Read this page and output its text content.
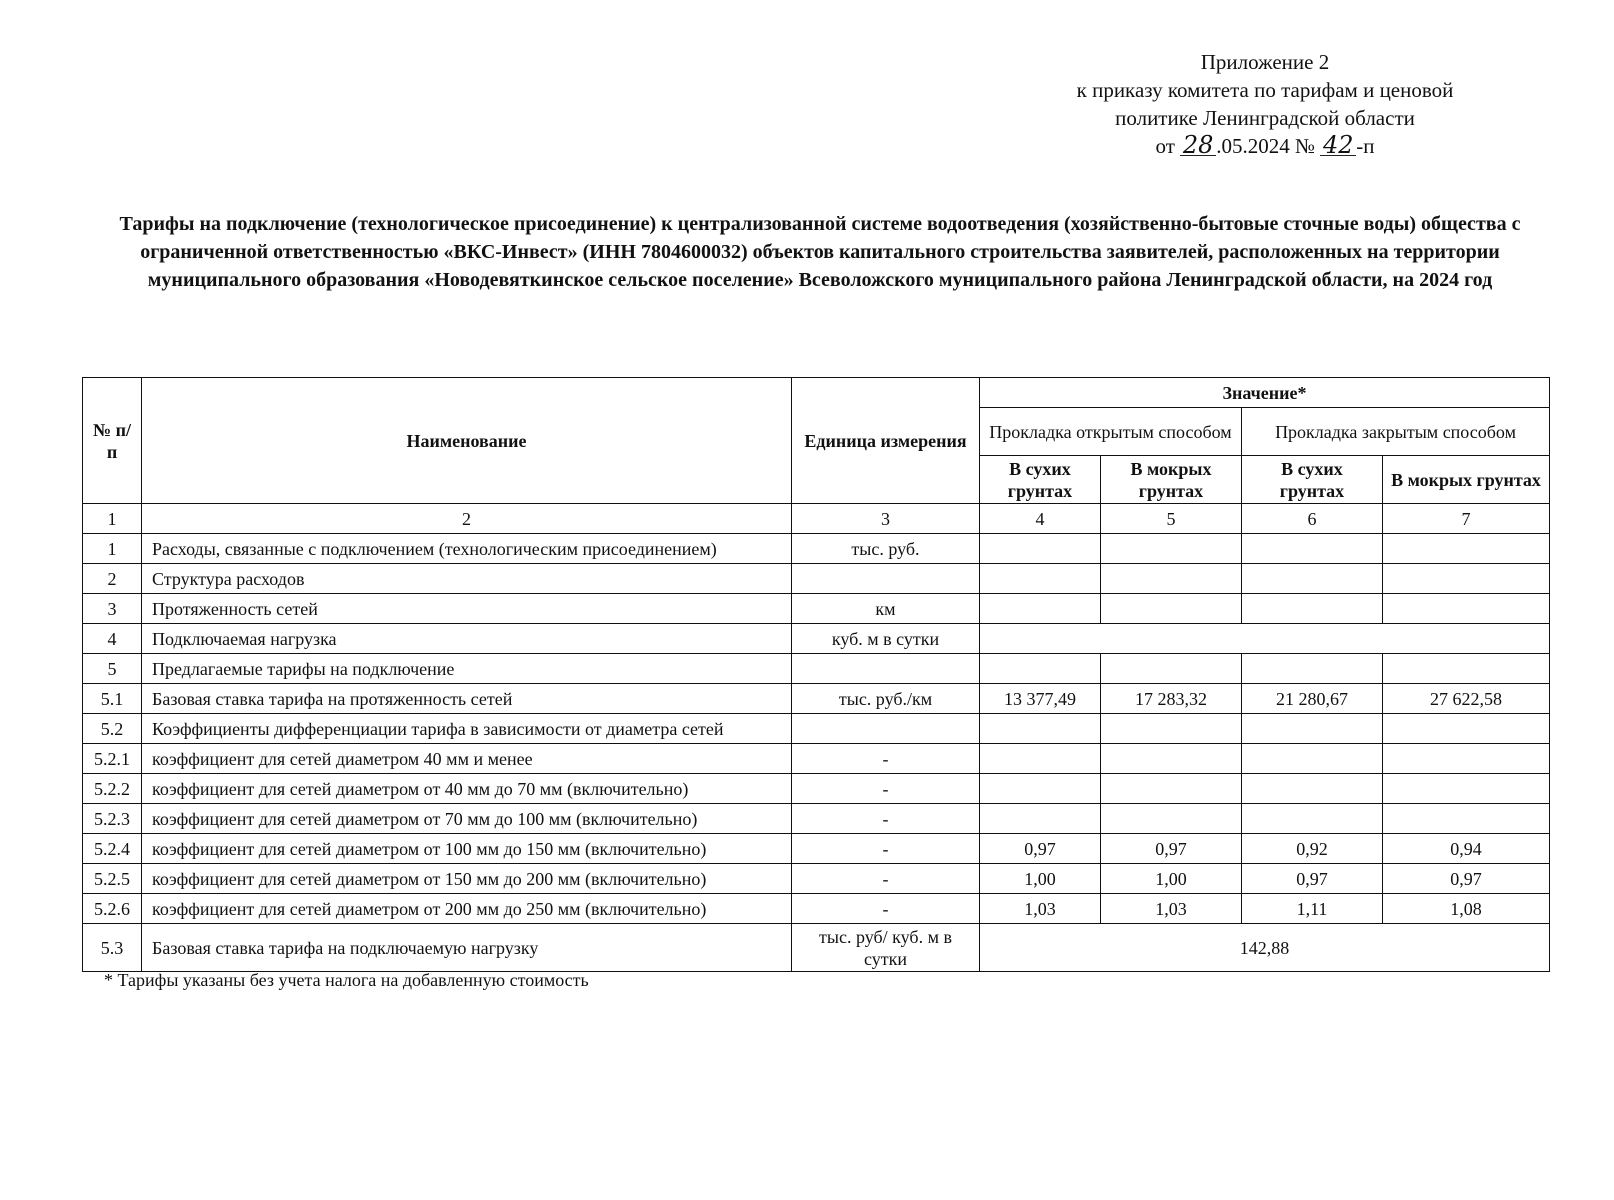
Приложение 2
к приказу комитета по тарифам и ценовой
политике Ленинградской области
от 28 .05.2024 № 42 -п
Тарифы на подключение (технологическое присоединение) к централизованной системе водоотведения (хозяйственно-бытовые сточные воды) общества с ограниченной ответственностью «ВКС-Инвест» (ИНН 7804600032) объектов капитального строительства заявителей, расположенных на территории муниципального образования «Новодевяткинское сельское поселение» Всеволожского муниципального района Ленинградской области, на 2024 год
№ п/п	Наименование	Единица измерения	Значение*			
			Прокладка открытым способом		Прокладка закрытым способом	
			В сухих грунтах	В мокрых грунтах	В сухих грунтах	В мокрых грунтах
1	2	3	4	5	6	7
1	Расходы, связанные с подключением (технологическим присоединением)	тыс. руб.				
2	Структура расходов					
3	Протяженность сетей	км				
4	Подключаемая нагрузка	куб. м в сутки				
5	Предлагаемые тарифы на подключение					
5.1	Базовая ставка тарифа на протяженность сетей	тыс. руб./км	13 377,49	17 283,32	21 280,67	27 622,58
5.2	Коэффициенты дифференциации тарифа в зависимости от диаметра сетей					
5.2.1	коэффициент для сетей диаметром 40 мм и менее	-				
5.2.2	коэффициент для сетей диаметром от 40 мм до 70 мм (включительно)	-				
5.2.3	коэффициент для сетей диаметром от 70 мм до 100 мм (включительно)	-				
5.2.4	коэффициент для сетей диаметром от 100 мм до 150 мм (включительно)	-	0,97	0,97	0,92	0,94
5.2.5	коэффициент для сетей диаметром от 150 мм до 200 мм (включительно)	-	1,00	1,00	0,97	0,97
5.2.6	коэффициент для сетей диаметром от 200 мм до 250 мм (включительно)	-	1,03	1,03	1,11	1,08
5.3	Базовая ставка тарифа на подключаемую нагрузку	тыс. руб/ куб. м в сутки	142,88			
* Тарифы указаны без учета налога на добавленную стоимость
